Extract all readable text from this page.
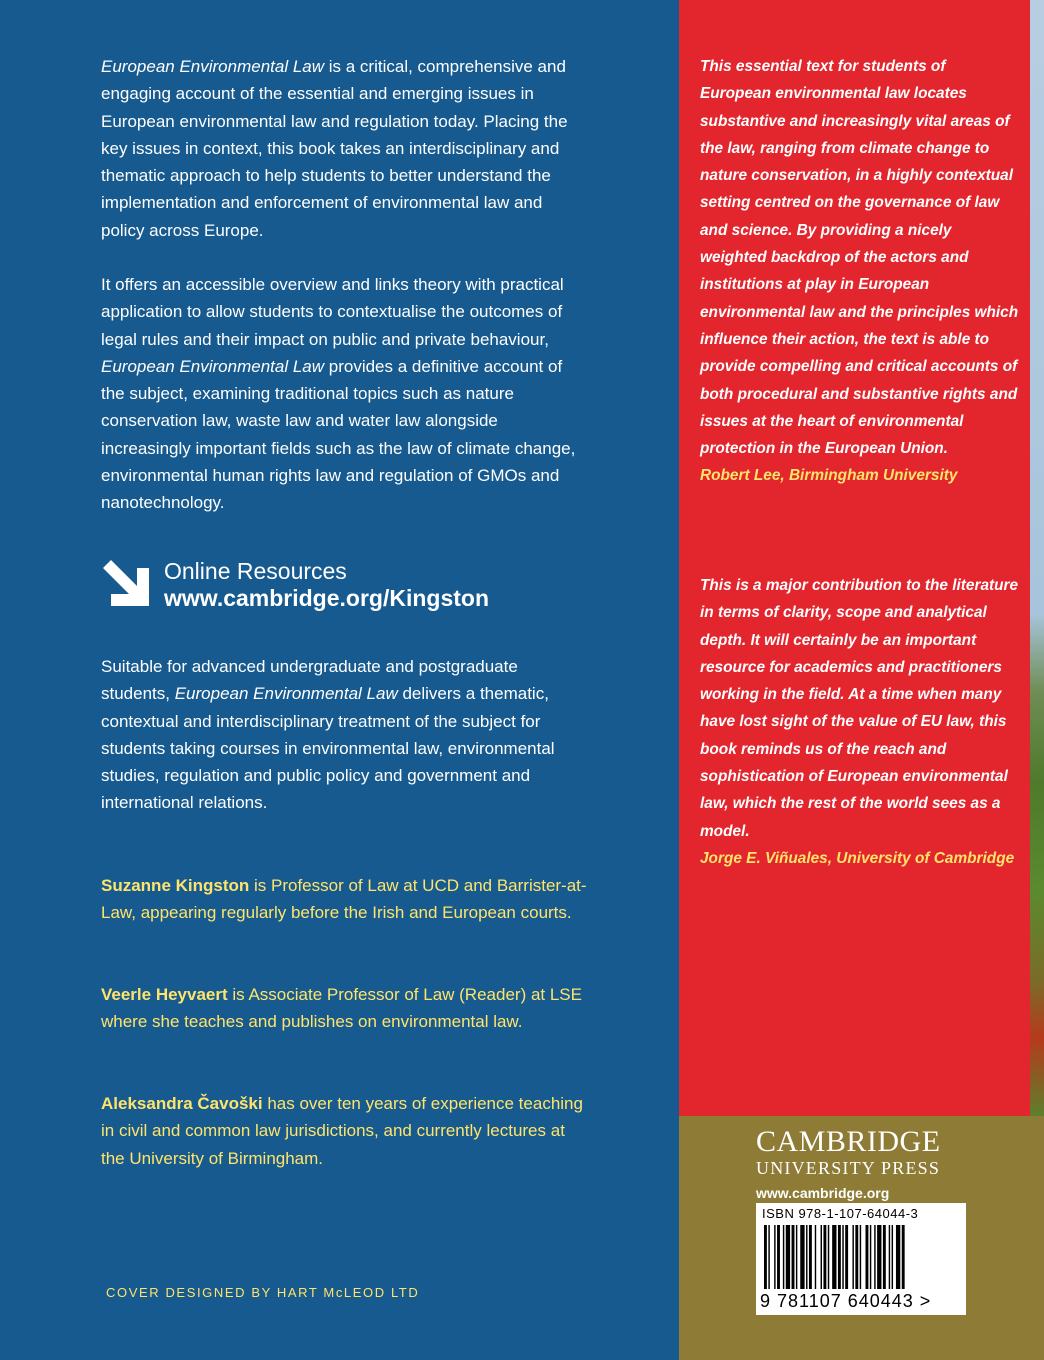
European Environmental Law is a critical, comprehensive and engaging account of the essential and emerging issues in European environmental law and regulation today. Placing the key issues in context, this book takes an interdisciplinary and thematic approach to help students to better understand the implementation and enforcement of environmental law and policy across Europe.

It offers an accessible overview and links theory with practical application to allow students to contextualise the outcomes of legal rules and their impact on public and private behaviour, European Environmental Law provides a definitive account of the subject, examining traditional topics such as nature conservation law, waste law and water law alongside increasingly important fields such as the law of climate change, environmental human rights law and regulation of GMOs and nanotechnology.

Online Resources
www.cambridge.org/Kingston

Suitable for advanced undergraduate and postgraduate students, European Environmental Law delivers a thematic, contextual and interdisciplinary treatment of the subject for students taking courses in environmental law, environmental studies, regulation and public policy and government and international relations.

Suzanne Kingston is Professor of Law at UCD and Barrister-at-Law, appearing regularly before the Irish and European courts.

Veerle Heyvaert is Associate Professor of Law (Reader) at LSE where she teaches and publishes on environmental law.

Aleksandra Čavoški has over ten years of experience teaching in civil and common law jurisdictions, and currently lectures at the University of Birmingham.

COVER DESIGNED BY HART McLEOD LTD

This essential text for students of European environmental law locates substantive and increasingly vital areas of the law, ranging from climate change to nature conservation, in a highly contextual setting centred on the governance of law and science. By providing a nicely weighted backdrop of the actors and institutions at play in European environmental law and the principles which influence their action, the text is able to provide compelling and critical accounts of both procedural and substantive rights and issues at the heart of environmental protection in the European Union.
Robert Lee, Birmingham University

This is a major contribution to the literature in terms of clarity, scope and analytical depth. It will certainly be an important resource for academics and practitioners working in the field. At a time when many have lost sight of the value of EU law, this book reminds us of the reach and sophistication of European environmental law, which the rest of the world sees as a model.
Jorge E. Viñuales, University of Cambridge

CAMBRIDGE
UNIVERSITY PRESS
www.cambridge.org
ISBN 978-1-107-64044-3
9 781107 640443 >
